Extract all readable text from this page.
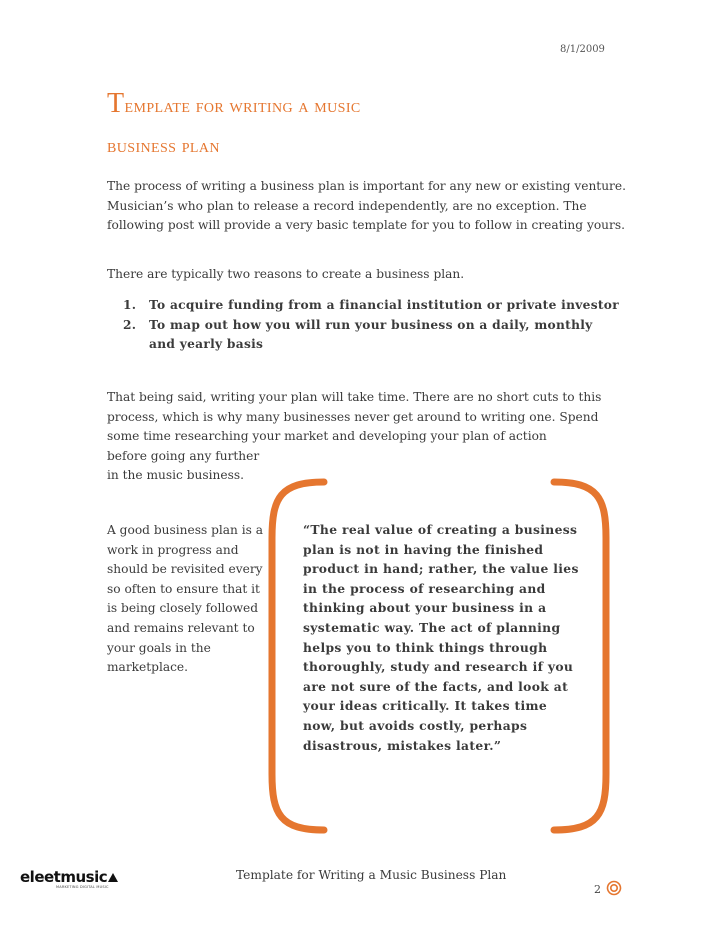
8/1/2009
Template for writing a music
business plan

The process of writing a business plan is important for any new or existing venture. Musician’s who plan to release a record independently, are no exception. The following post will provide a very basic template for you to follow in creating yours.

There are typically two reasons to create a business plan.

1.	To acquire funding from a financial institution or private investor
2.	To map out how you will run your business on a daily, monthly and yearly basis

That being said, writing your plan will take time. There are no short cuts to this process, which is why many businesses never get around to writing one. Spend some time researching your market and developing your plan of action
before going any further in the music business.

A good business plan is a work in progress and should be revisited every so often to ensure that it is being closely followed and remains relevant to your goals in the marketplace.

“The real value of creating a business plan is not in having the finished product in hand; rather, the value lies in the process of researching and thinking about your business in a systematic way. The act of planning helps you to think things through thoroughly, study and research if you are not sure of the facts, and look at your ideas critically. It takes time now, but avoids costly, perhaps disastrous, mistakes later.”

eleetmusic
MARKETING DIGITAL MUSIC
Template for Writing a Music Business Plan
2
